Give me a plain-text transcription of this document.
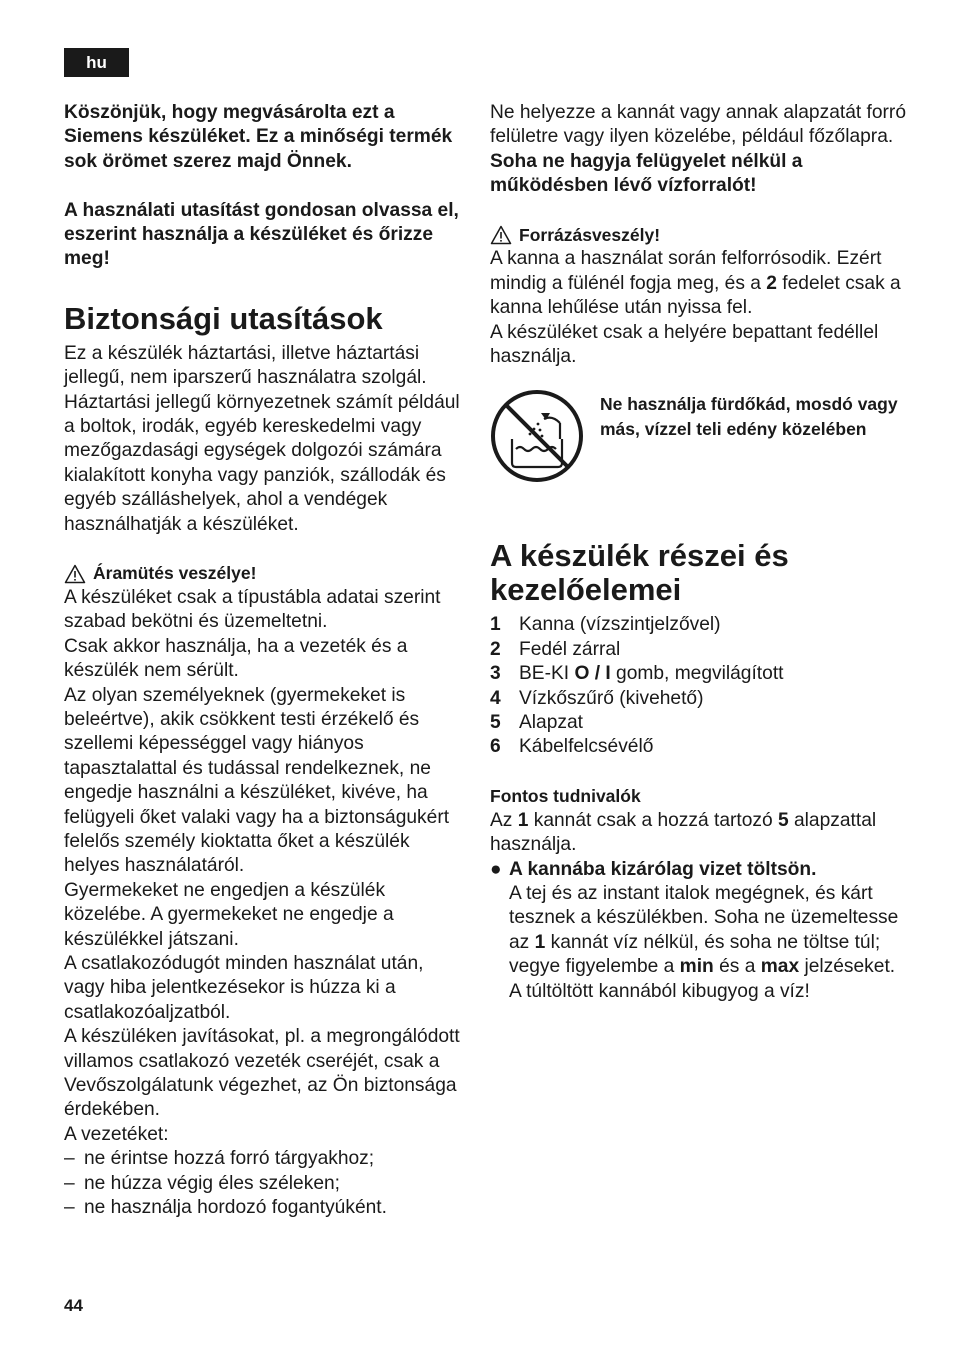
hu

Köszönjük, hogy megvásárolta ezt a Siemens készüléket. Ez a minőségi termék sok örömet szerez majd Önnek.

A használati utasítást gondosan olvassa el, eszerint használja a készüléket és őrizze meg!

Biztonsági utasítások

Ez a készülék háztartási, illetve háztartási jellegű, nem iparszerű használatra szolgál. Háztartási jellegű környezetnek számít például a boltok, irodák, egyéb kereskedelmi vagy mezőgazdasági egységek dolgozói számára kialakított konyha vagy panziók, szállodák és egyéb szálláshelyek, ahol a vendégek használhatják a készüléket.

Áramütés veszélye!

A készüléket csak a típustábla adatai szerint szabad bekötni és üzemeltetni.

Csak akkor használja, ha a vezeték és a készülék nem sérült.

Az olyan személyeknek (gyermekeket is beleértve), akik csökkent testi érzékelő és szellemi képességgel vagy hiányos tapasztalattal és tudással rendelkeznek, ne engedje használni a készüléket, kivéve, ha felügyeli őket valaki vagy ha a biztonságukért felelős személy kioktatta őket a készülék helyes használatáról.

Gyermekeket ne engedjen a készülék közelébe. A gyermekeket ne engedje a készülékkel játszani.

A csatlakozódugót minden használat után, vagy hiba jelentkezésekor is húzza ki a csatlakozóaljzatból.

A készüléken javításokat, pl. a megrongálódott villamos csatlakozó vezeték cseréjét, csak a Vevőszolgálatunk végezhet, az Ön biztonsága érdekében.

A vezetéket:

– ne érintse hozzá forró tárgyakhoz;
– ne húzza végig éles széleken;
– ne használja hordozó fogantyúként.

Ne helyezze a kannát vagy annak alapzatát forró felületre vagy ilyen közelébe, például főzőlapra.

Soha ne hagyja felügyelet nélkül a működésben lévő vízforralót!

Forrázásveszély!

A kanna a használat során felforrósodik. Ezért mindig a fülénél fogja meg, és a 2 fedelet csak a kanna lehűlése után nyissa fel.

A készüléket csak a helyére bepattant fedéllel használja.

Ne használja fürdőkád, mosdó vagy más, vízzel teli edény közelében

A készülék részei és kezelőelemei
1 Kanna (vízszintjelzővel)
2 Fedél zárral
3 BE-KI O / I gomb, megvilágított
4 Vízkőszűrő (kivehető)
5 Alapzat
6 Kábelfelcsévélő

Fontos tudnivalók

Az 1 kannát csak a hozzá tartozó 5 alapzattal használja.

● A kannába kizárólag vizet töltsön.

A tej és az instant italok megégnek, és kárt tesznek a készülékben. Soha ne üzemeltesse az 1 kannát víz nélkül, és soha ne töltse túl; vegye figyelembe a min és a max jelzéseket. A túltöltött kannából kibugyog a víz!

44
